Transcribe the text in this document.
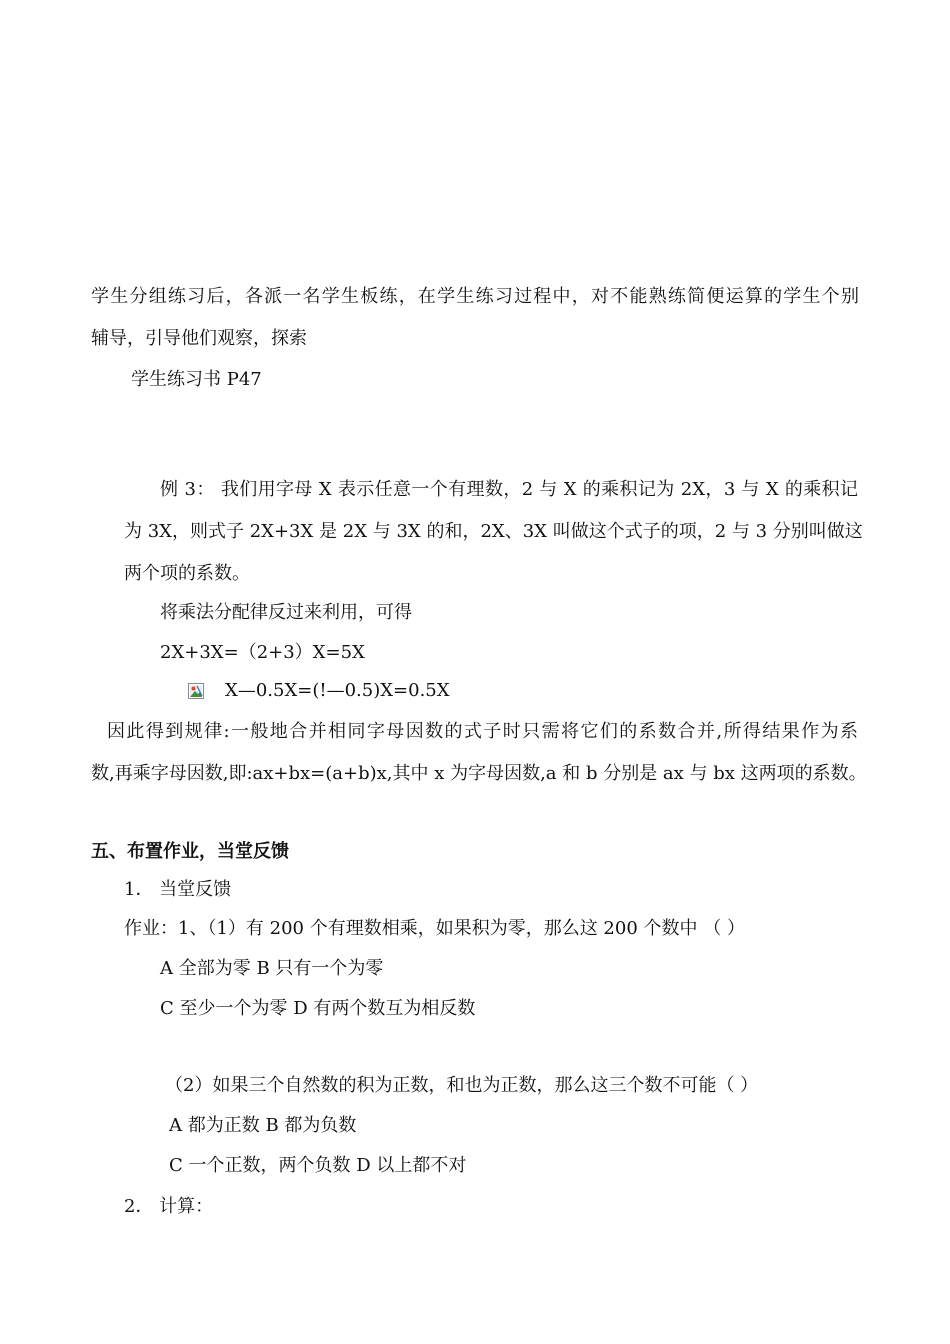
学生分组练习后，各派一名学生板练，在学生练习过程中，对不能熟练简便运算的学生个别
辅导，引导他们观察，探索
学生练习书 P47
例 3： 我们用字母 X 表示任意一个有理数，2 与 X 的乘积记为 2X，3 与 X 的乘积记
为 3X，则式子 2X+3X 是 2X 与 3X 的和，2X、3X 叫做这个式子的项，2 与 3 分别叫做这
两个项的系数。
将乘法分配律反过来利用，可得
2X+3X=（2+3）X=5X
X—0.5X=(!—0.5)X=0.5X
因此得到规律:一般地合并相同字母因数的式子时只需将它们的系数合并,所得结果作为系
数,再乘字母因数,即:ax+bx=(a+b)x,其中 x 为字母因数,a 和 b 分别是 ax 与 bx 这两项的系数。
五、布置作业，当堂反馈
1． 当堂反馈
作业：1、（1）有 200 个有理数相乘，如果积为零，那么这 200 个数中 （ ）
A 全部为零 B 只有一个为零
C 至少一个为零 D 有两个数互为相反数
（2）如果三个自然数的积为正数，和也为正数，那么这三个数不可能（ ）
A 都为正数 B 都为负数
C 一个正数，两个负数 D 以上都不对
2． 计算：
